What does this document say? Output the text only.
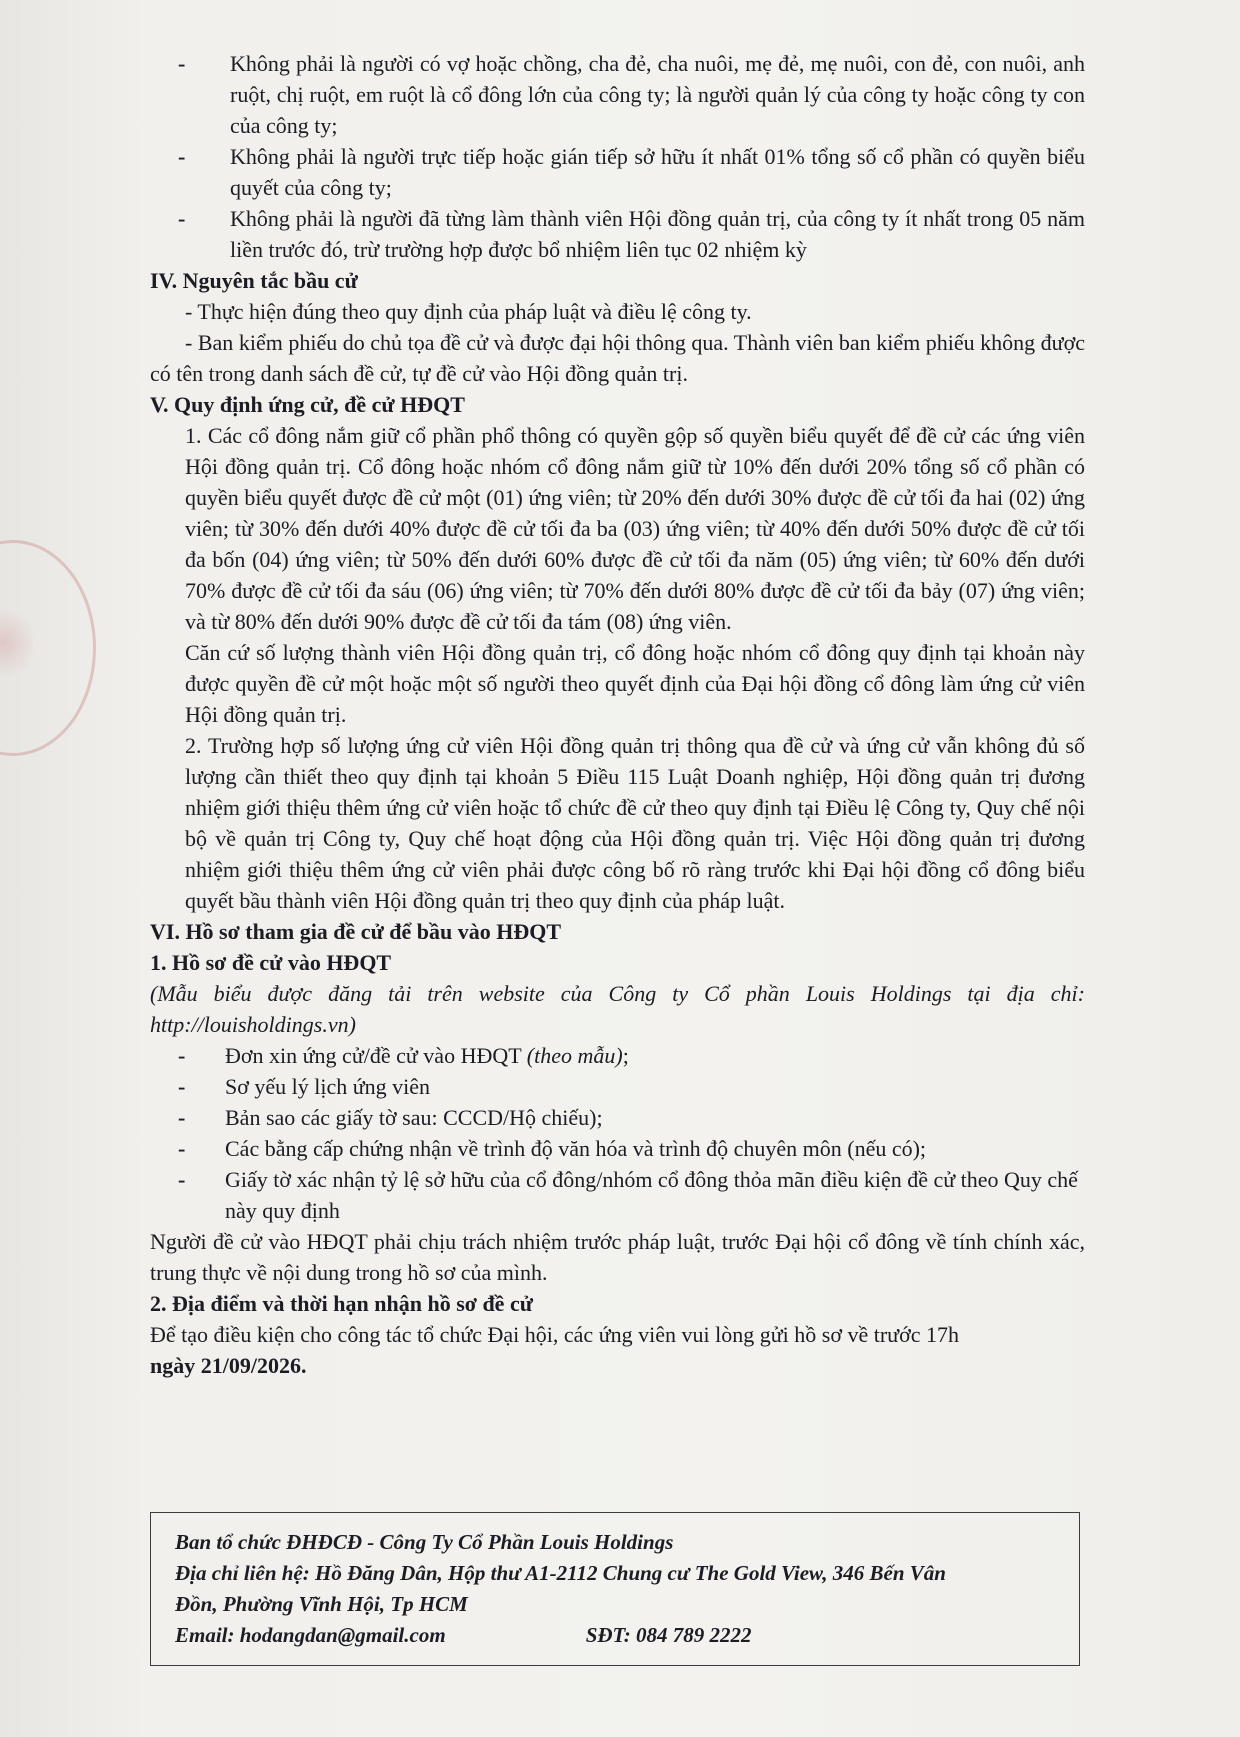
- Không phải là người có vợ hoặc chồng, cha đẻ, cha nuôi, mẹ đẻ, mẹ nuôi, con đẻ, con nuôi, anh ruột, chị ruột, em ruột là cổ đông lớn của công ty; là người quản lý của công ty hoặc công ty con của công ty;
- Không phải là người trực tiếp hoặc gián tiếp sở hữu ít nhất 01% tổng số cổ phần có quyền biểu quyết của công ty;
- Không phải là người đã từng làm thành viên Hội đồng quản trị, của công ty ít nhất trong 05 năm liền trước đó, trừ trường hợp được bổ nhiệm liên tục 02 nhiệm kỳ

IV. Nguyên tắc bầu cử

- Thực hiện đúng theo quy định của pháp luật và điều lệ công ty.
- Ban kiểm phiếu do chủ tọa đề cử và được đại hội thông qua. Thành viên ban kiểm phiếu không được có tên trong danh sách đề cử, tự đề cử vào Hội đồng quản trị.

V. Quy định ứng cử, đề cử HĐQT

1. Các cổ đông nắm giữ cổ phần phổ thông có quyền gộp số quyền biểu quyết để đề cử các ứng viên Hội đồng quản trị. Cổ đông hoặc nhóm cổ đông nắm giữ từ 10% đến dưới 20% tổng số cổ phần có quyền biểu quyết được đề cử một (01) ứng viên; từ 20% đến dưới 30% được đề cử tối đa hai (02) ứng viên; từ 30% đến dưới 40% được đề cử tối đa ba (03) ứng viên; từ 40% đến dưới 50% được đề cử tối đa bốn (04) ứng viên; từ 50% đến dưới 60% được đề cử tối đa năm (05) ứng viên; từ 60% đến dưới 70% được đề cử tối đa sáu (06) ứng viên; từ 70% đến dưới 80% được đề cử tối đa bảy (07) ứng viên; và từ 80% đến dưới 90% được đề cử tối đa tám (08) ứng viên.
Căn cứ số lượng thành viên Hội đồng quản trị, cổ đông hoặc nhóm cổ đông quy định tại khoản này được quyền đề cử một hoặc một số người theo quyết định của Đại hội đồng cổ đông làm ứng cử viên Hội đồng quản trị.
2. Trường hợp số lượng ứng cử viên Hội đồng quản trị thông qua đề cử và ứng cử vẫn không đủ số lượng cần thiết theo quy định tại khoản 5 Điều 115 Luật Doanh nghiệp, Hội đồng quản trị đương nhiệm giới thiệu thêm ứng cử viên hoặc tổ chức đề cử theo quy định tại Điều lệ Công ty, Quy chế nội bộ về quản trị Công ty, Quy chế hoạt động của Hội đồng quản trị. Việc Hội đồng quản trị đương nhiệm giới thiệu thêm ứng cử viên phải được công bố rõ ràng trước khi Đại hội đồng cổ đông biểu quyết bầu thành viên Hội đồng quản trị theo quy định của pháp luật.

VI. Hồ sơ tham gia đề cử để bầu vào HĐQT

1. Hồ sơ đề cử vào HĐQT

(Mẫu biểu được đăng tải trên website của Công ty Cổ phần Louis Holdings tại địa chỉ: http://louisholdings.vn)
- Đơn xin ứng cử/đề cử vào HĐQT (theo mẫu);
- Sơ yếu lý lịch ứng viên
- Bản sao các giấy tờ sau: CCCD/Hộ chiếu);
- Các bằng cấp chứng nhận về trình độ văn hóa và trình độ chuyên môn (nếu có);
- Giấy tờ xác nhận tỷ lệ sở hữu của cổ đông/nhóm cổ đông thỏa mãn điều kiện đề cử theo Quy chế này quy định
Người đề cử vào HĐQT phải chịu trách nhiệm trước pháp luật, trước Đại hội cổ đông về tính chính xác, trung thực về nội dung trong hồ sơ của mình.

2. Địa điểm và thời hạn nhận hồ sơ đề cử

Để tạo điều kiện cho công tác tổ chức Đại hội, các ứng viên vui lòng gửi hồ sơ về trước 17h
ngày 21/09/2026.
Ban tổ chức ĐHĐCĐ - Công Ty Cổ Phần Louis Holdings
Địa chỉ liên hệ: Hồ Đăng Dân, Hộp thư A1-2112 Chung cư The Gold View, 346 Bến Vân
Đồn, Phường Vĩnh Hội, Tp HCM
Email: hodangdan@gmail.com	SĐT: 084 789 2222
